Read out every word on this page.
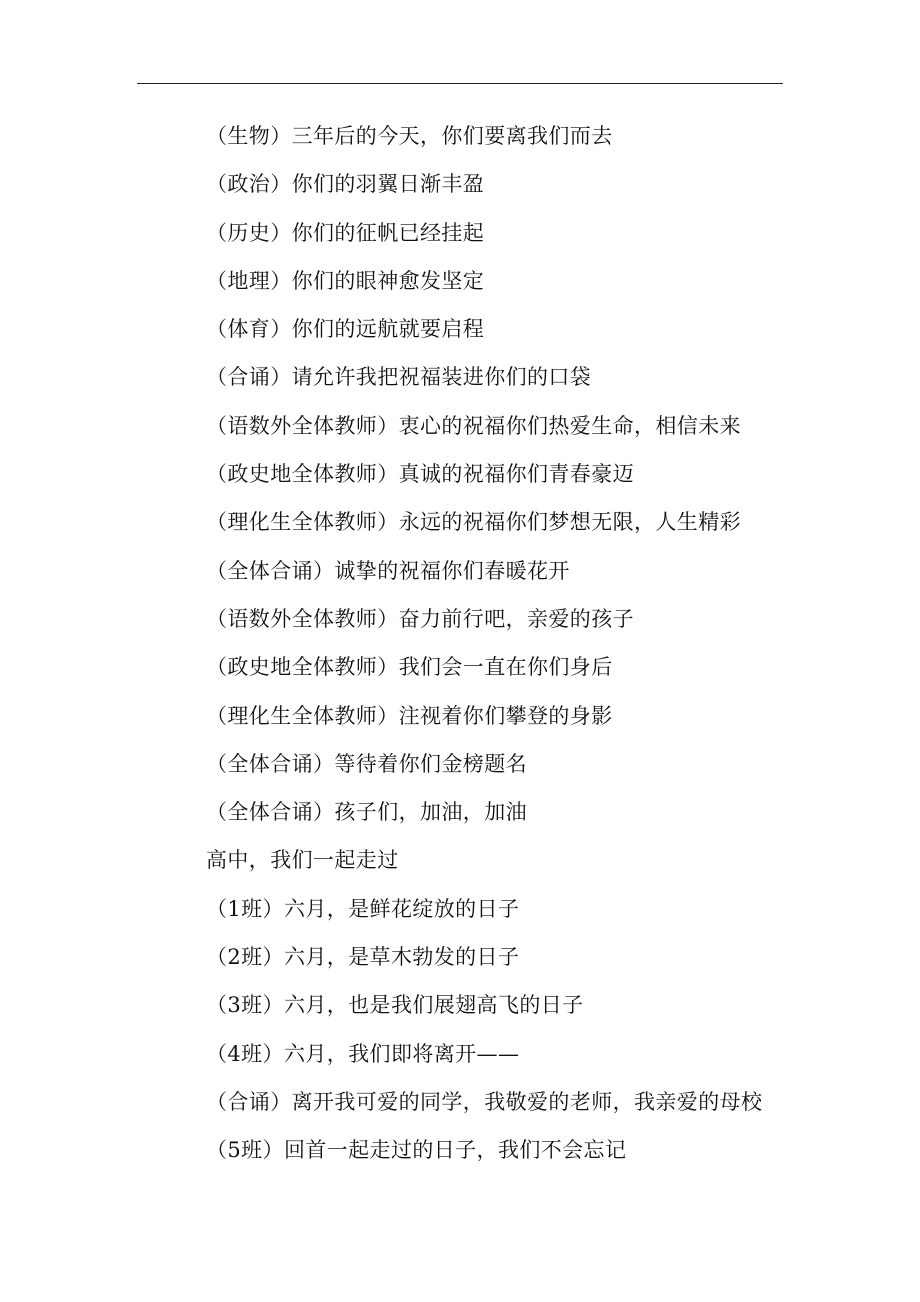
（生物）三年后的今天，你们要离我们而去
（政治）你们的羽翼日渐丰盈
（历史）你们的征帆已经挂起
（地理）你们的眼神愈发坚定
（体育）你们的远航就要启程
（合诵）请允许我把祝福装进你们的口袋
（语数外全体教师）衷心的祝福你们热爱生命，相信未来
（政史地全体教师）真诚的祝福你们青春豪迈
（理化生全体教师）永远的祝福你们梦想无限，人生精彩
（全体合诵）诚挚的祝福你们春暖花开
（语数外全体教师）奋力前行吧，亲爱的孩子
（政史地全体教师）我们会一直在你们身后
（理化生全体教师）注视着你们攀登的身影
（全体合诵）等待着你们金榜题名
（全体合诵）孩子们，加油，加油
高中，我们一起走过
（1班）六月，是鲜花绽放的日子
（2班）六月，是草木勃发的日子
（3班）六月，也是我们展翅高飞的日子
（4班）六月，我们即将离开——
（合诵）离开我可爱的同学，我敬爱的老师，我亲爱的母校
（5班）回首一起走过的日子，我们不会忘记
